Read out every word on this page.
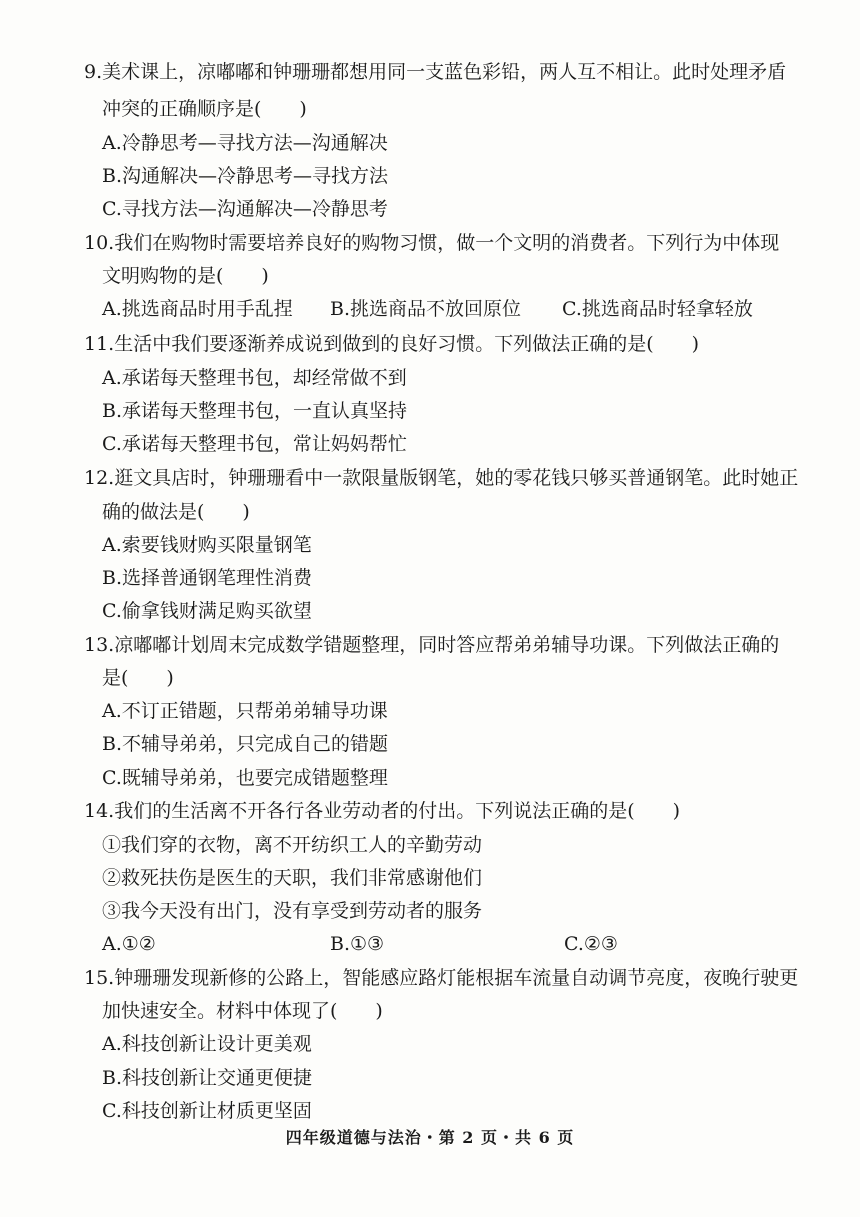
9.美术课上，凉嘟嘟和钟珊珊都想用同一支蓝色彩铅，两人互不相让。此时处理矛盾
冲突的正确顺序是(　　)
A.冷静思考—寻找方法—沟通解决
B.沟通解决—冷静思考—寻找方法
C.寻找方法—沟通解决—冷静思考
10.我们在购物时需要培养良好的购物习惯，做一个文明的消费者。下列行为中体现
文明购物的是(　　)
A.挑选商品时用手乱捏 B.挑选商品不放回原位 C.挑选商品时轻拿轻放
11.生活中我们要逐渐养成说到做到的良好习惯。下列做法正确的是(　　)
A.承诺每天整理书包，却经常做不到
B.承诺每天整理书包，一直认真坚持
C.承诺每天整理书包，常让妈妈帮忙
12.逛文具店时，钟珊珊看中一款限量版钢笔，她的零花钱只够买普通钢笔。此时她正
确的做法是(　　)
A.索要钱财购买限量钢笔
B.选择普通钢笔理性消费
C.偷拿钱财满足购买欲望
13.凉嘟嘟计划周末完成数学错题整理，同时答应帮弟弟辅导功课。下列做法正确的
是(　　)
A.不订正错题，只帮弟弟辅导功课
B.不辅导弟弟，只完成自己的错题
C.既辅导弟弟，也要完成错题整理
14.我们的生活离不开各行各业劳动者的付出。下列说法正确的是(　　)
①我们穿的衣物，离不开纺织工人的辛勤劳动
②救死扶伤是医生的天职，我们非常感谢他们
③我今天没有出门，没有享受到劳动者的服务
A.①②	B.①③	C.②③
15.钟珊珊发现新修的公路上，智能感应路灯能根据车流量自动调节亮度，夜晚行驶更
加快速安全。材料中体现了(　　)
A.科技创新让设计更美观
B.科技创新让交通更便捷
C.科技创新让材质更坚固
四年级道德与法治・第 2 页・共 6 页
